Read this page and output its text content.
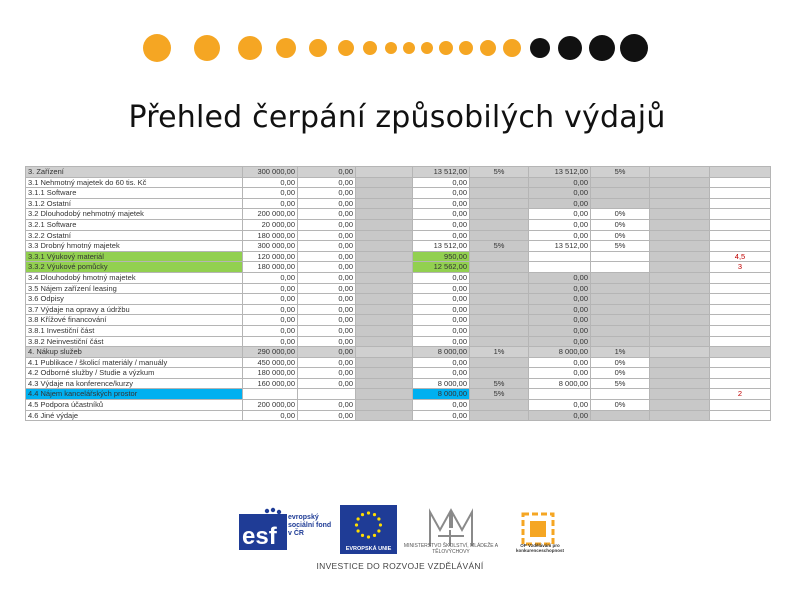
Přehled čerpání způsobilých výdajů
3. Zařízení	300 000,00	0,00		13 512,00	5%	13 512,00	5%		
3.1 Nehmotný majetek do 60 tis. Kč	0,00	0,00		0,00		0,00			
3.1.1 Software	0,00	0,00		0,00		0,00			
3.1.2 Ostatní	0,00	0,00		0,00		0,00			
3.2 Dlouhodobý nehmotný majetek	200 000,00	0,00		0,00		0,00	0%		
3.2.1 Software	20 000,00	0,00		0,00		0,00	0%		
3.2.2 Ostatní	180 000,00	0,00		0,00		0,00	0%		
3.3 Drobný hmotný majetek	300 000,00	0,00		13 512,00	5%	13 512,00	5%		
3.3.1 Výukový materiál	120 000,00	0,00		950,00					4,5
3.3.2 Výukové pomůcky	180 000,00	0,00		12 562,00					3
3.4 Dlouhodobý hmotný majetek	0,00	0,00		0,00		0,00			
3.5 Nájem zařízení leasing	0,00	0,00		0,00		0,00			
3.6 Odpisy	0,00	0,00		0,00		0,00			
3.7 Výdaje na opravy a údržbu	0,00	0,00		0,00		0,00			
3.8 Křížové financování	0,00	0,00		0,00		0,00			
3.8.1 Investiční část	0,00	0,00		0,00		0,00			
3.8.2 Neinvestiční část	0,00	0,00		0,00		0,00			
4. Nákup služeb	290 000,00	0,00		8 000,00	1%	8 000,00	1%		
4.1 Publikace / školicí materiály / manuály	450 000,00	0,00		0,00		0,00	0%		
4.2 Odborné služby / Studie a výzkum	180 000,00	0,00		0,00		0,00	0%		
4.3 Výdaje na konference/kurzy	160 000,00	0,00		8 000,00	5%	8 000,00	5%		
4.4 Nájem kancelářských prostor				8 000,00	5%				2
4.5 Podpora účastníků	200 000,00	0,00		0,00		0,00	0%		
4.6 Jiné výdaje	0,00	0,00		0,00		0,00			
esf
evropský sociální fond v ČR
EVROPSKÁ UNIE	MINISTERSTVO ŠKOLSTVÍ, MLÁDEŽE A TĚLOVÝCHOVY
OP Vzdělávání pro konkurenceschopnost
INVESTICE DO ROZVOJE VZDĚLÁVÁNÍ
